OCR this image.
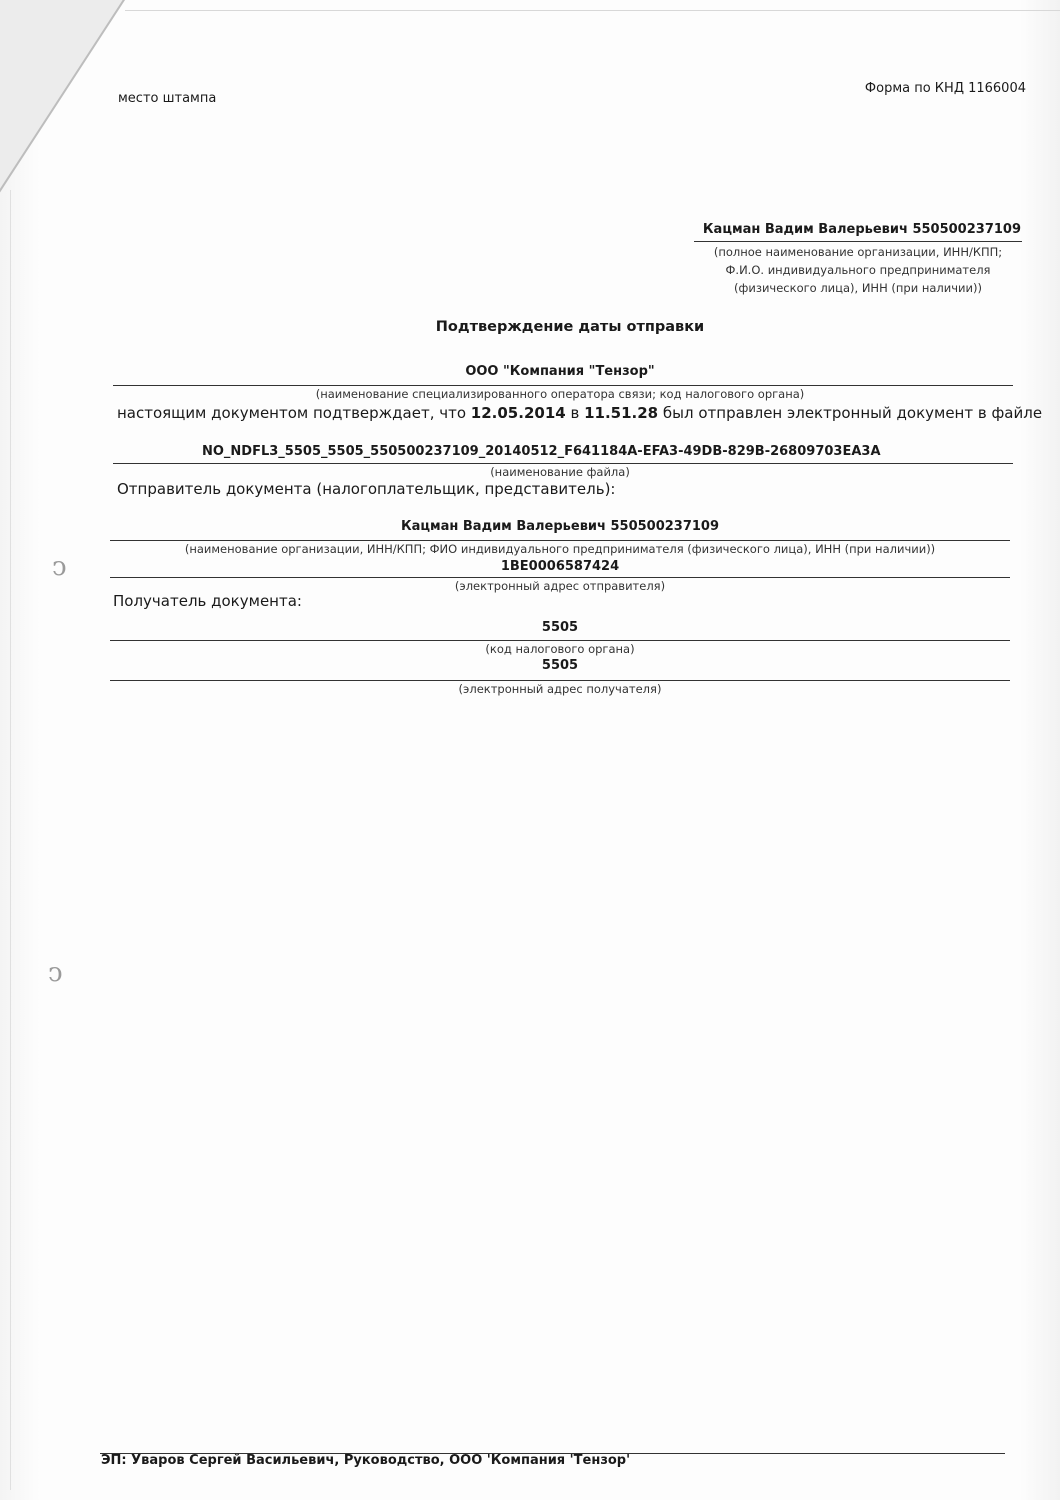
место штампа
Форма по КНД 1166004
Кацман Вадим Валерьевич 550500237109
(полное наименование организации, ИНН/КПП;
Ф.И.О. индивидуального предпринимателя
(физического лица), ИНН (при наличии))
Подтверждение даты отправки
ООО "Компания "Тензор"
(наименование специализированного оператора связи; код налогового органа)
настоящим документом подтверждает, что 12.05.2014 в 11.51.28 был отправлен электронный документ в файле
NO_NDFL3_5505_5505_550500237109_20140512_F641184A-EFA3-49DB-829B-26809703EA3A
(наименование файла)
Отправитель документа (налогоплательщик, представитель):
Кацман Вадим Валерьевич 550500237109
(наименование организации, ИНН/КПП; ФИО индивидуального предпринимателя (физического лица), ИНН (при наличии))
1ВЕ0006587424
(электронный адрес отправителя)
Получатель документа:
5505
(код налогового органа)
5505
(электронный адрес получателя)
ↄ
ↄ
ЭП: Уваров Сергей Васильевич, Руководство, ООО 'Компания 'Тензор'
